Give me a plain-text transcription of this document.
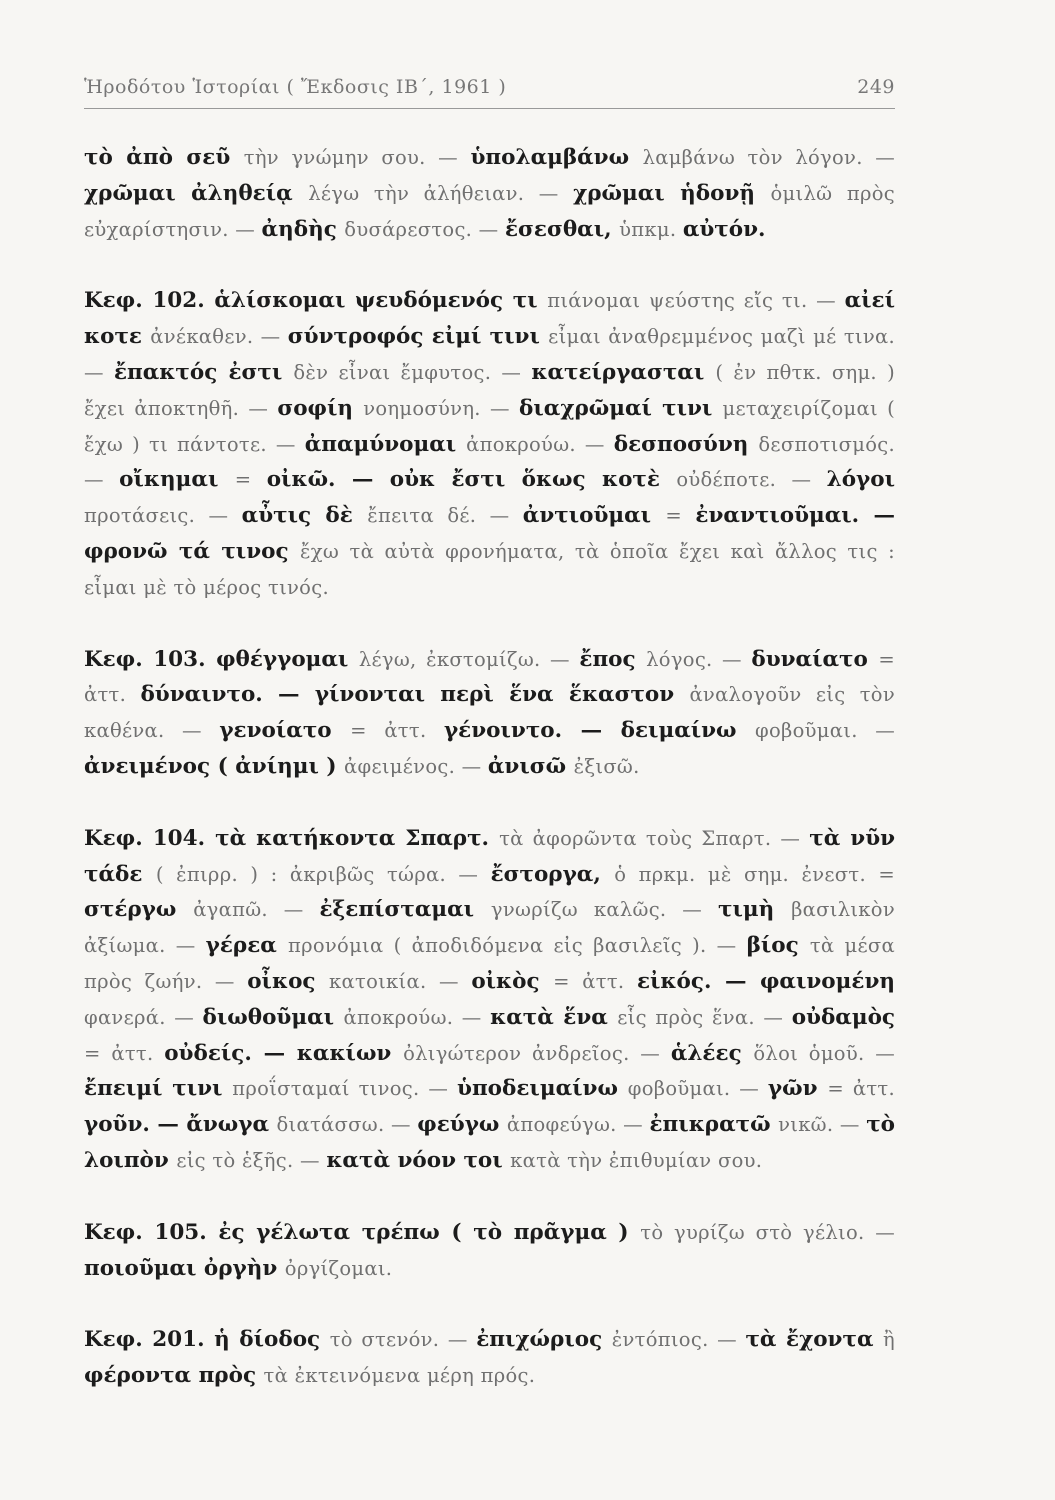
Ἡροδότου Ἱστορίαι ( Ἔκδοσις ΙΒ΄, 1961 )	249

τὸ ἀπὸ σεῦ τὴν γνώμην σου. — ὑπολαμβάνω λαμβάνω τὸν λόγον. — χρῶμαι ἀληθείᾳ λέγω τὴν ἀλήθειαν. — χρῶμαι ἡδονῇ ὁμιλῶ πρὸς εὐχαρίστησιν. — ἀηδὴς δυσάρεστος. — ἔσεσθαι, ὑπκμ. αὐτόν.

Κεφ. 102. ἁλίσκομαι ψευδόμενός τι πιάνομαι ψεύστης εἴς τι. — αἰεί κοτε ἀνέκαθεν. — σύντροφός εἰμί τινι εἶμαι ἀναθρεμμένος μαζὶ μέ τινα. — ἔπακτός ἐστι δὲν εἶναι ἔμφυτος. — κατείργασται ( ἐν πθτκ. σημ. ) ἔχει ἀποκτηθῆ. — σοφίη νοημοσύνη. — διαχρῶμαί τινι μεταχειρίζομαι ( ἔχω ) τι πάντοτε. — ἀπαμύνομαι ἀποκρούω. — δεσποσύνη δεσποτισμός. — οἴκημαι = οἰκῶ. — οὐκ ἔστι ὅκως κοτὲ οὐδέποτε. — λόγοι προτάσεις. — αὖτις δὲ ἔπειτα δέ. — ἀντιοῦμαι = ἐναντιοῦμαι. — φρονῶ τά τινος ἔχω τὰ αὐτὰ φρονήματα, τὰ ὁποῖα ἔχει καὶ ἄλλος τις : εἶμαι μὲ τὸ μέρος τινός.

Κεφ. 103. φθέγγομαι λέγω, ἐκστομίζω. — ἔπος λόγος. — δυναίατο = ἀττ. δύναιντο. — γίνονται περὶ ἕνα ἕκαστον ἀναλογοῦν εἰς τὸν καθένα. — γενοίατο = ἀττ. γένοιντο. — δειμαίνω φοβοῦμαι. — ἀνειμένος ( ἀνίημι ) ἀφειμένος. — ἀνισῶ ἐξισῶ.

Κεφ. 104. τὰ κατήκοντα Σπαρτ. τὰ ἀφορῶντα τοὺς Σπαρτ. — τὰ νῦν τάδε ( ἐπιρρ. ) : ἀκριβῶς τώρα. — ἔστοργα, ὁ πρκμ. μὲ σημ. ἐνεστ. = στέργω ἀγαπῶ. — ἐξεπίσταμαι γνωρίζω καλῶς. — τιμὴ βασιλικὸν ἀξίωμα. — γέρεα προνόμια ( ἀποδιδόμενα εἰς βασιλεῖς ). — βίος τὰ μέσα πρὸς ζωήν. — οἶκος κατοικία. — οἰκὸς = ἀττ. εἰκός. — φαινομένη φανερά. — διωθοῦμαι ἀποκρούω. — κατὰ ἕνα εἷς πρὸς ἕνα. — οὐδαμὸς = ἀττ. οὐδείς. — κακίων ὀλιγώτερον ἀνδρεῖος. — ἁλέες ὅλοι ὁμοῦ. — ἔπειμί τινι προΐσταμαί τινος. — ὑποδειμαίνω φοβοῦμαι. — γῶν = ἀττ. γοῦν. — ἄνωγα διατάσσω. — φεύγω ἀποφεύγω. — ἐπικρατῶ νικῶ. — τὸ λοιπὸν εἰς τὸ ἑξῆς. — κατὰ νόον τοι κατὰ τὴν ἐπιθυμίαν σου.

Κεφ. 105. ἐς γέλωτα τρέπω ( τὸ πρᾶγμα ) τὸ γυρίζω στὸ γέλιο. — ποιοῦμαι ὀργὴν ὀργίζομαι.

Κεφ. 201. ἡ δίοδος τὸ στενόν. — ἐπιχώριος ἐντόπιος. — τὰ ἔχοντα ἢ φέροντα πρὸς τὰ ἐκτεινόμενα μέρη πρός.
